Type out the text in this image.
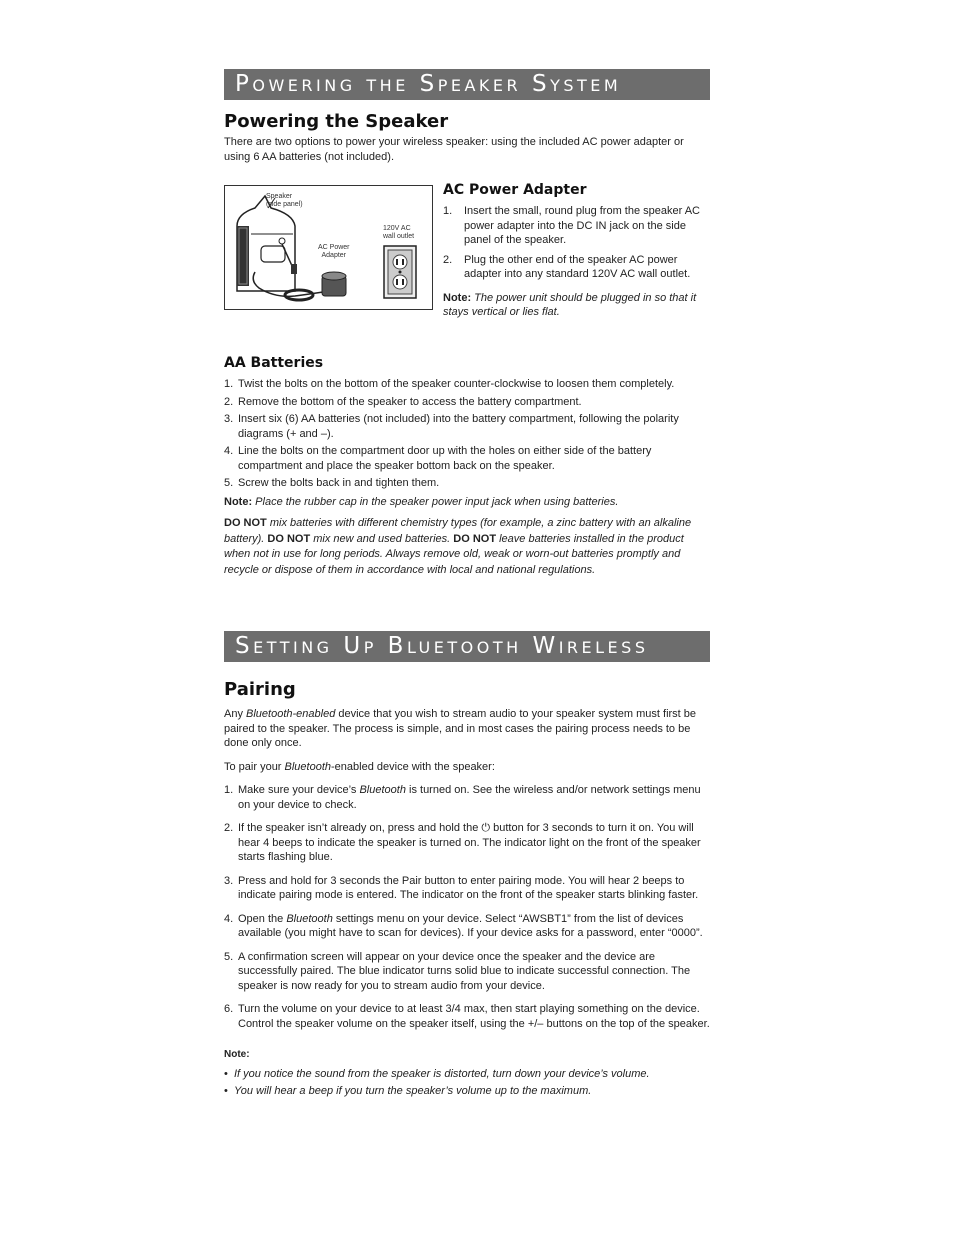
Powering the Speaker System
Powering the Speaker

There are two options to power your wireless speaker: using the included AC power adapter or using 6 AA batteries (not included).

Speaker
(side panel)
AC Power
Adapter
120V AC
wall outlet
AC Power Adapter
1. Insert the small, round plug from the speaker AC power adapter into the DC IN jack on the side panel of the speaker.
2. Plug the other end of the speaker AC power adapter into any standard 120V AC wall outlet.

Note: The power unit should be plugged in so that it stays vertical or lies flat.

AA Batteries
1. Twist the bolts on the bottom of the speaker counter-clockwise to loosen them completely.
2. Remove the bottom of the speaker to access the battery compartment.
3. Insert six (6) AA batteries (not included) into the battery compartment, following the polarity diagrams (+ and –).
4. Line the bolts on the compartment door up with the holes on either side of the battery compartment and place the speaker bottom back on the speaker.
5. Screw the bolts back in and tighten them.

Note: Place the rubber cap in the speaker power input jack when using batteries.

DO NOT mix batteries with different chemistry types (for example, a zinc battery with an alkaline battery). DO NOT mix new and used batteries. DO NOT leave batteries installed in the product when not in use for long periods. Always remove old, weak or worn-out batteries promptly and recycle or dispose of them in accordance with local and national regulations.

Setting Up Bluetooth Wireless
Pairing

Any Bluetooth-enabled device that you wish to stream audio to your speaker system must first be paired to the speaker. The process is simple, and in most cases the pairing process needs to be done only once.

To pair your Bluetooth-enabled device with the speaker:

1. Make sure your device’s Bluetooth is turned on. See the wireless and/or network settings menu on your device to check.
2. If the speaker isn’t already on, press and hold the ⏻ button for 3 seconds to turn it on. You will hear 4 beeps to indicate the speaker is turned on. The indicator light on the front of the speaker starts flashing blue.
3. Press and hold for 3 seconds the Pair button to enter pairing mode. You will hear 2 beeps to indicate pairing mode is entered. The indicator on the front of the speaker starts blinking faster.
4. Open the Bluetooth settings menu on your device. Select “AWSBT1” from the list of devices available (you might have to scan for devices). If your device asks for a password, enter “0000”.
5. A confirmation screen will appear on your device once the speaker and the device are successfully paired. The blue indicator turns solid blue to indicate successful connection. The speaker is now ready for you to stream audio from your device.
6. Turn the volume on your device to at least 3/4 max, then start playing something on the device. Control the speaker volume on the speaker itself, using the +/– buttons on the top of the speaker.

Note:

• If you notice the sound from the speaker is distorted, turn down your device’s volume.
• You will hear a beep if you turn the speaker’s volume up to the maximum.
